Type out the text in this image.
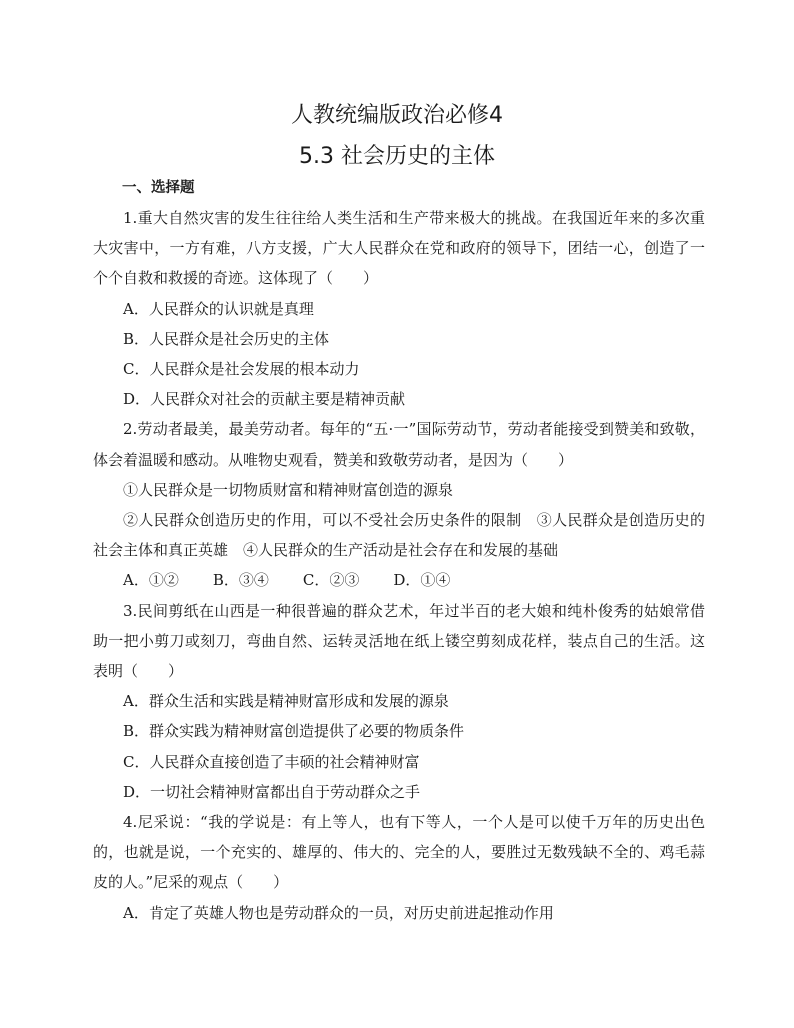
人教统编版政治必修4
5.3 社会历史的主体
一、选择题

1.重大自然灾害的发生往往给人类生活和生产带来极大的挑战。在我国近年来的多次重大灾害中，一方有难，八方支援，广大人民群众在党和政府的领导下，团结一心，创造了一个个自救和救援的奇迹。这体现了（　　）

A．人民群众的认识就是真理

B．人民群众是社会历史的主体

C．人民群众是社会发展的根本动力

D．人民群众对社会的贡献主要是精神贡献

2.劳动者最美，最美劳动者。每年的“五·一”国际劳动节，劳动者能接受到赞美和致敬，体会着温暖和感动。从唯物史观看，赞美和致敬劳动者，是因为（　　）

①人民群众是一切物质财富和精神财富创造的源泉

②人民群众创造历史的作用，可以不受社会历史条件的限制　③人民群众是创造历史的社会主体和真正英雄　④人民群众的生产活动是社会存在和发展的基础

A．①② B．③④ C．②③ D．①④

3.民间剪纸在山西是一种很普遍的群众艺术，年过半百的老大娘和纯朴俊秀的姑娘常借助一把小剪刀或刻刀，弯曲自然、运转灵活地在纸上镂空剪刻成花样，装点自己的生活。这表明（　　）

A．群众生活和实践是精神财富形成和发展的源泉

B．群众实践为精神财富创造提供了必要的物质条件

C．人民群众直接创造了丰硕的社会精神财富

D．一切社会精神财富都出自于劳动群众之手

4.尼采说：“我的学说是：有上等人，也有下等人，一个人是可以使千万年的历史出色的，也就是说，一个充实的、雄厚的、伟大的、完全的人，要胜过无数残缺不全的、鸡毛蒜皮的人。”尼采的观点（　　）

A．肯定了英雄人物也是劳动群众的一员，对历史前进起推动作用
